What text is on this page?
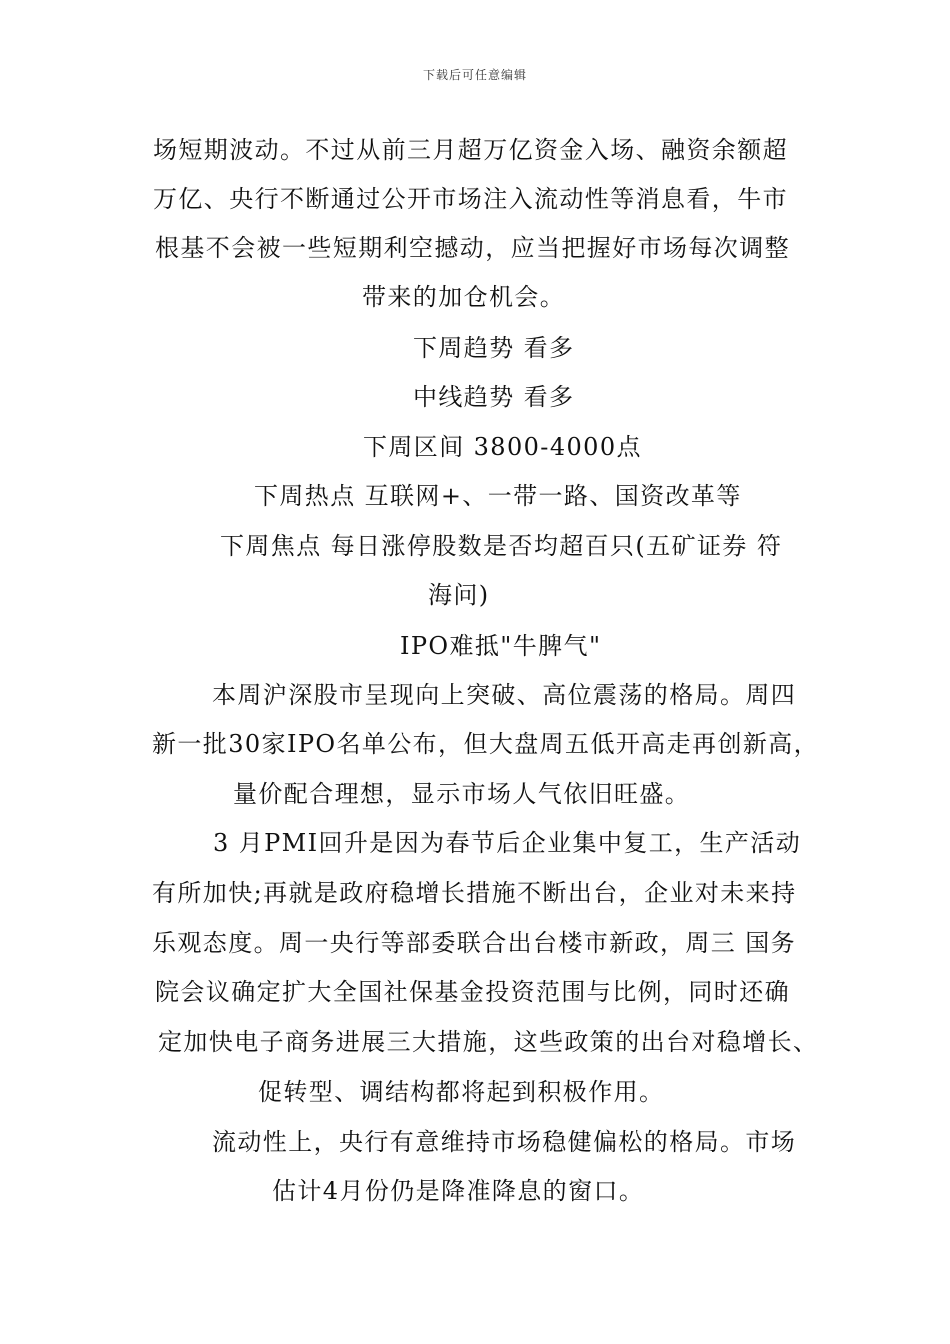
下载后可任意编辑
场短期波动。不过从前三月超万亿资金入场、融资余额超
万亿、央行不断通过公开市场注入流动性等消息看，牛市
根基不会被一些短期利空撼动，应当把握好市场每次调整
带来的加仓机会。
下周趋势 看多
中线趋势 看多
下周区间 3800-4000点
下周热点 互联网+、一带一路、国资改革等
下周焦点 每日涨停股数是否均超百只(五矿证券 符
海问)
IPO难抵"牛脾气"
本周沪深股市呈现向上突破、高位震荡的格局。周四
新一批30家IPO名单公布，但大盘周五低开高走再创新高，
量价配合理想，显示市场人气依旧旺盛。
3 月PMI回升是因为春节后企业集中复工，生产活动
有所加快;再就是政府稳增长措施不断出台，企业对未来持
乐观态度。周一央行等部委联合出台楼市新政，周三 国务
院会议确定扩大全国社保基金投资范围与比例，同时还确
定加快电子商务进展三大措施，这些政策的出台对稳增长、
促转型、调结构都将起到积极作用。
流动性上，央行有意维持市场稳健偏松的格局。市场
估计4月份仍是降准降息的窗口。
